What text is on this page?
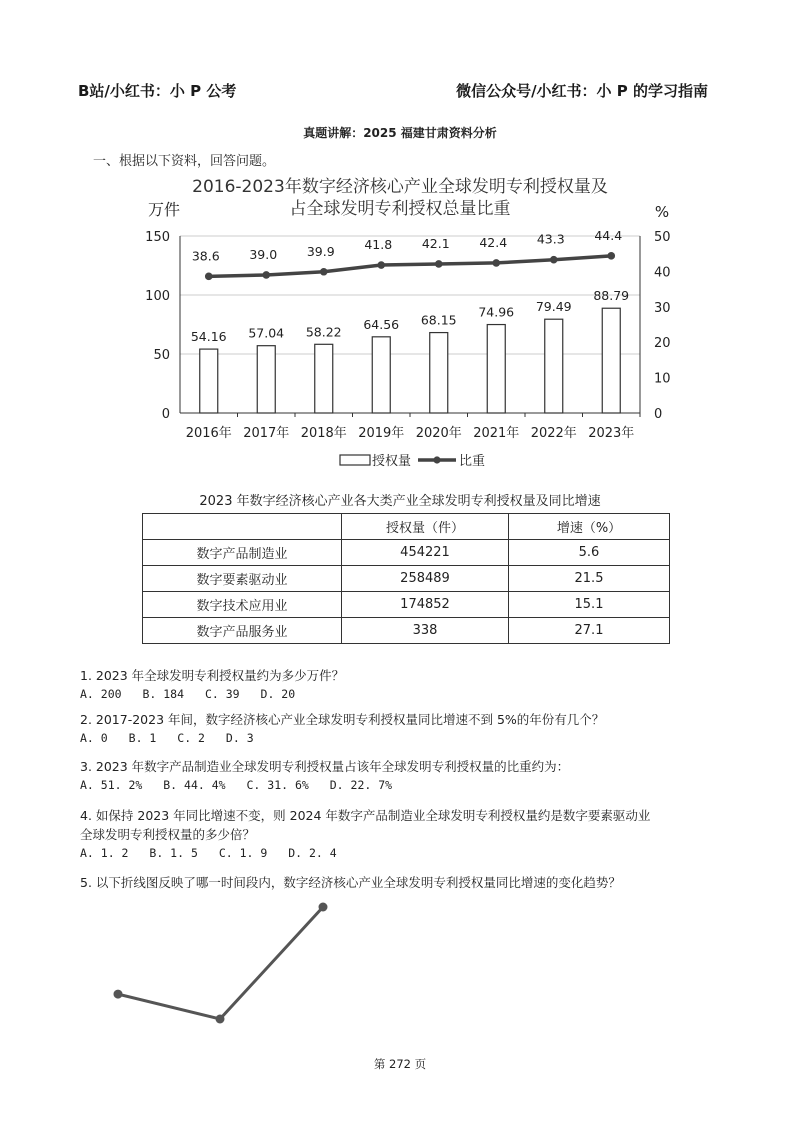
B站/小红书：小 P 公考	微信公众号/小红书：小 P 的学习指南
真题讲解：2025 福建甘肃资料分析
一、根据以下资料，回答问题。
2016-2023年数字经济核心产业全球发明专利授权量及
占全球发明专利授权总量比重
54.16
38.6
57.04
39.0
58.22
39.9
64.56
41.8
68.15
42.1
74.96
42.4
79.49
43.3
88.79
44.4
0
50
100
150
0
10
20
30
40
50
2016年 2017年 2018年 2019年 2020年 2021年 2022年 2023年
万件	%
授权量	比重
2023 年数字经济核心产业各大类产业全球发明专利授权量及同比增速
	授权量（件）	增速（%）
数字产品制造业	454221	5.6
数字要素驱动业	258489	21.5
数字技术应用业	174852	15.1
数字产品服务业	338	27.1
1. 2023 年全球发明专利授权量约为多少万件？
A. 200 B. 184 C. 39 D. 20
2. 2017-2023 年间，数字经济核心产业全球发明专利授权量同比增速不到 5%的年份有几个？
A. 0 B. 1 C. 2 D. 3
3. 2023 年数字产品制造业全球发明专利授权量占该年全球发明专利授权量的比重约为：
A. 51. 2% B. 44. 4% C. 31. 6% D. 22. 7%
4. 如保持 2023 年同比增速不变，则 2024 年数字产品制造业全球发明专利授权量约是数字要素驱动业
全球发明专利授权量的多少倍？
A. 1. 2 B. 1. 5 C. 1. 9 D. 2. 4
5. 以下折线图反映了哪一时间段内，数字经济核心产业全球发明专利授权量同比增速的变化趋势？
第 272 页
